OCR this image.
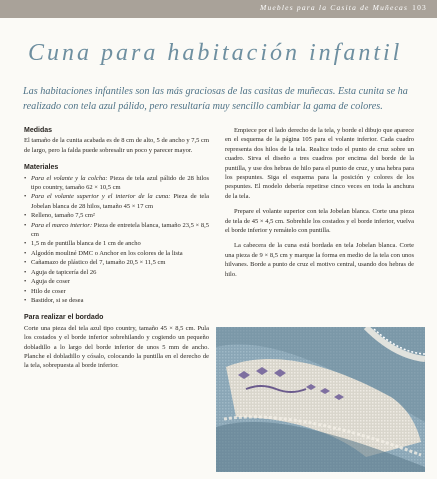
Muebles para la Casita de Muñecas 103
Cuna para habitación infantil
Las habitaciones infantiles son las más graciosas de las casitas de muñecas. Esta cunita se ha realizado con tela azul pálido, pero resultaría muy sencillo cambiar la gama de colores.
Medidas

El tamaño de la cunita acabada es de 8 cm de alto, 5 de ancho y 7,5 cm de largo, pero la falda puede sobresalir un poco y parecer mayor.

Materiales
• Para el volante y la colcha: Pieza de tela azul pálido de 28 hilos tipo country, tamaño 62 × 10,5 cm
• Para el volante superior y el interior de la cuna: Pieza de tela Jobelan blanca de 28 hilos, tamaño 45 × 17 cm
• Relleno, tamaño 7,5 cm²
• Para el marco interior: Pieza de entretela blanca, tamaño 23,5 × 8,5 cm
• 1,5 m de puntilla blanca de 1 cm de ancho
• Algodón mouliné DMC o Anchor en los colores de la lista
• Cañamazo de plástico del 7, tamaño 20,5 × 11,5 cm
• Aguja de tapicería del 26
• Aguja de coser
• Hilo de coser
• Bastidor, si se desea
Para realizar el bordado

Corte una pieza del tela azul tipo country, tamaño 45 × 8,5 cm. Pula los costados y el borde inferior sobrehilando y cogiendo un pequeño dobladillo a lo largo del borde inferior de unos 5 mm de ancho. Planche el dobladillo y cósalo, colocando la puntilla en el derecho de la tela, sobrepuesta al borde inferior.

Empiece por el lado derecho de la tela, y borde el dibujo que aparece en el esquema de la página 105 para el volante inferior. Cada cuadro representa dos hilos de la tela. Realice todo el punto de cruz sobre un cuadro. Sirva el diseño a tres cuadros por encima del borde de la puntilla, y use dos hebras de hilo para el punto de cruz, y una hebra para los pespuntes. Siga el esquema para la posición y colores de los pespuntes. El modelo debería repetirse cinco veces en toda la anchura de la tela.

Prepare el volante superior con tela Jobelan blanca. Corte una pieza de tela de 45 × 4,5 cm. Sobrehile los costados y el borde inferior, vuelva el borde inferior y remátelo con puntilla.

La cabecera de la cuna está bordada en tela Jobelan blanca. Corte una pieza de 9 × 8,5 cm y marque la forma en medio de la tela con unos hilvanes. Borde a punto de cruz el motivo central, usando dos hebras de hilo.
